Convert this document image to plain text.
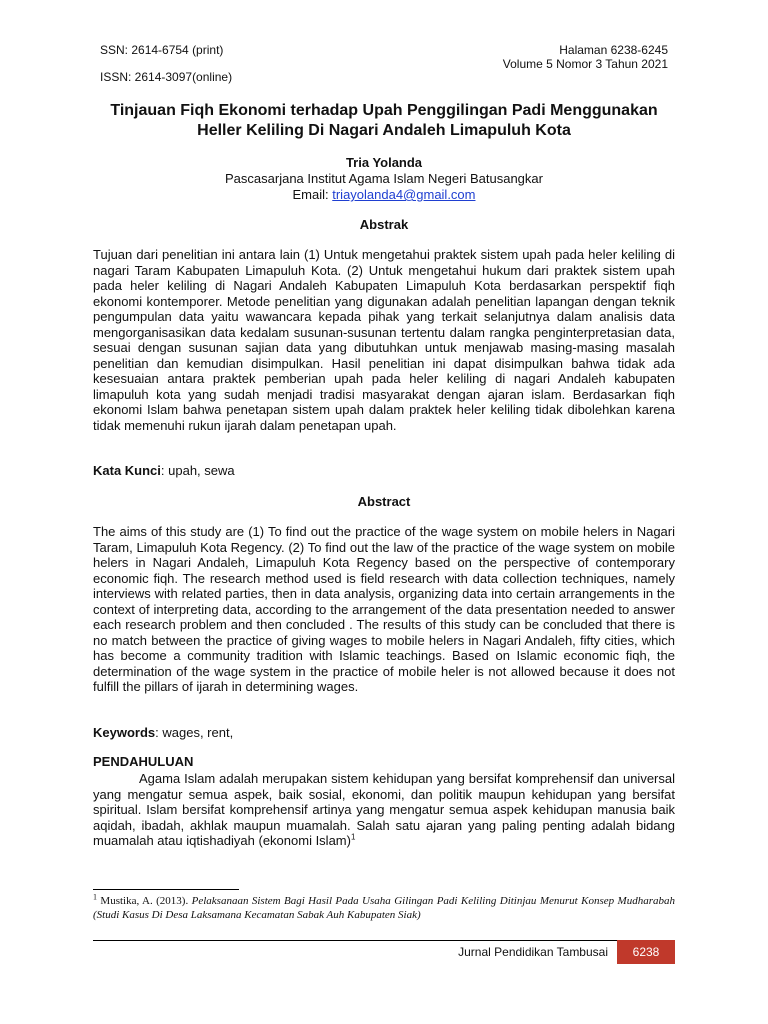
SSN: 2614-6754 (print)
ISSN: 2614-3097(online)
Halaman 6238-6245
Volume 5 Nomor 3 Tahun 2021
Tinjauan Fiqh Ekonomi terhadap Upah Penggilingan Padi Menggunakan Heller Keliling Di Nagari Andaleh Limapuluh Kota
Tria Yolanda
Pascasarjana Institut Agama Islam Negeri Batusangkar
Email: triayolanda4@gmail.com
Abstrak
Tujuan dari penelitian ini antara lain (1) Untuk mengetahui praktek sistem upah pada heler keliling di nagari Taram Kabupaten Limapuluh Kota. (2) Untuk mengetahui hukum dari praktek sistem upah pada heler keliling di Nagari Andaleh Kabupaten Limapuluh Kota berdasarkan perspektif fiqh ekonomi kontemporer. Metode penelitian yang digunakan adalah penelitian lapangan dengan teknik pengumpulan data yaitu wawancara kepada pihak yang terkait selanjutnya dalam analisis data mengorganisasikan data kedalam susunan-susunan tertentu dalam rangka penginterpretasian data, sesuai dengan susunan sajian data yang dibutuhkan untuk menjawab masing-masing masalah penelitian dan kemudian disimpulkan. Hasil penelitian ini dapat disimpulkan bahwa tidak ada kesesuaian antara praktek pemberian upah pada heler keliling di nagari Andaleh kabupaten limapuluh kota yang sudah menjadi tradisi masyarakat dengan ajaran islam. Berdasarkan fiqh ekonomi Islam bahwa penetapan sistem upah dalam praktek heler keliling tidak dibolehkan karena tidak memenuhi rukun ijarah dalam penetapan upah.
Kata Kunci: upah, sewa
Abstract
The aims of this study are (1) To find out the practice of the wage system on mobile helers in Nagari Taram, Limapuluh Kota Regency. (2) To find out the law of the practice of the wage system on mobile helers in Nagari Andaleh, Limapuluh Kota Regency based on the perspective of contemporary economic fiqh. The research method used is field research with data collection techniques, namely interviews with related parties, then in data analysis, organizing data into certain arrangements in the context of interpreting data, according to the arrangement of the data presentation needed to answer each research problem and then concluded . The results of this study can be concluded that there is no match between the practice of giving wages to mobile helers in Nagari Andaleh, fifty cities, which has become a community tradition with Islamic teachings. Based on Islamic economic fiqh, the determination of the wage system in the practice of mobile heler is not allowed because it does not fulfill the pillars of ijarah in determining wages.
Keywords: wages, rent,
PENDAHULUAN
Agama Islam adalah merupakan sistem kehidupan yang bersifat komprehensif dan universal yang mengatur semua aspek, baik sosial, ekonomi, dan politik maupun kehidupan yang bersifat spiritual. Islam bersifat komprehensif artinya yang mengatur semua aspek kehidupan manusia baik aqidah, ibadah, akhlak maupun muamalah. Salah satu ajaran yang paling penting adalah bidang muamalah atau iqtishadiyah (ekonomi Islam)$^1$
$^1$ Mustika, A. (2013). Pelaksanaan Sistem Bagi Hasil Pada Usaha Gilingan Padi Keliling Ditinjau Menurut Konsep Mudharabah (Studi Kasus Di Desa Laksamana Kecamatan Sabak Auh Kabupaten Siak)
Jurnal Pendidikan Tambusai	6238
